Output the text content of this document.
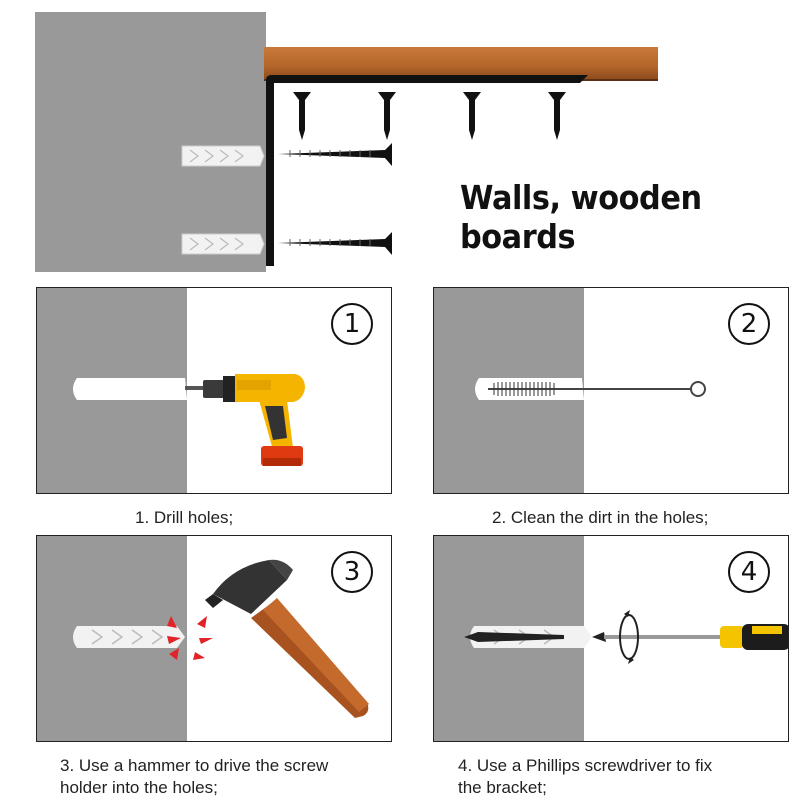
Walls, wooden boards
1
1. Drill holes;
2
2. Clean the dirt in the holes;
3
3. Use a hammer to drive the screw
holder into the holes;
4
4. Use a Phillips screwdriver to fix
the bracket;
